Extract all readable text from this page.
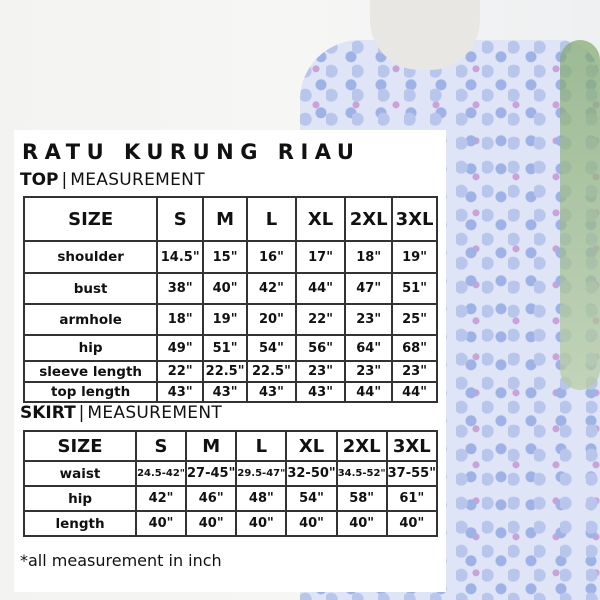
RATU KURUNG RIAU
TOP | MEASUREMENT
SIZE	S	M	L	XL	2XL	3XL
shoulder	14.5"	15"	16"	17"	18"	19"
bust	38"	40"	42"	44"	47"	51"
armhole	18"	19"	20"	22"	23"	25"
hip	49"	51"	54"	56"	64"	68"
sleeve length	22"	22.5"	22.5"	23"	23"	23"
top length	43"	43"	43"	43"	44"	44"
SKIRT | MEASUREMENT
SIZE	S	M	L	XL	2XL	3XL
waist	24.5-42"	27-45"	29.5-47"	32-50"	34.5-52"	37-55"
hip	42"	46"	48"	54"	58"	61"
length	40"	40"	40"	40"	40"	40"
*all measurement in inch
